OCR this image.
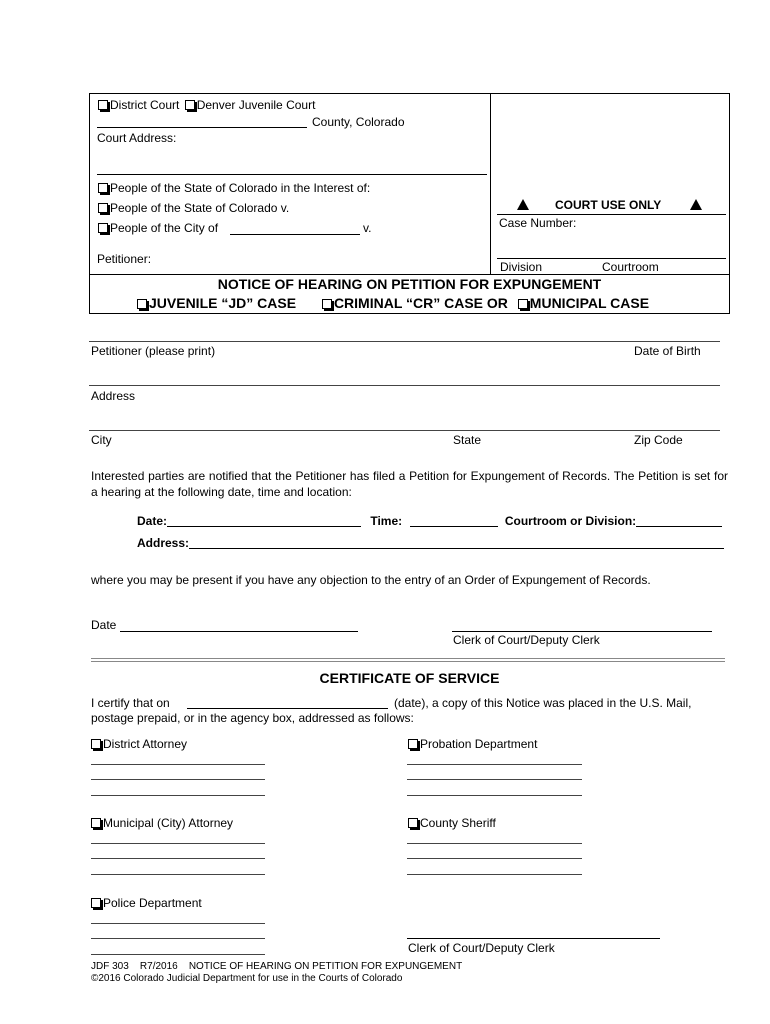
District Court Denver Juvenile Court
County, Colorado
Court Address:
People of the State of Colorado in the Interest of:
People of the State of Colorado v.
People of the City of	v.
Petitioner:
COURT USE ONLY
Case Number:
Division	Courtroom
NOTICE OF HEARING ON PETITION FOR EXPUNGEMENT
JUVENILE “JD” CASE	CRIMINAL “CR” CASE OR MUNICIPAL CASE
Petitioner (please print)	Date of Birth
Address
City	State	Zip Code
Interested parties are notified that the Petitioner has filed a Petition for Expungement of Records. The Petition is set for a hearing at the following date, time and location:
Date:	Time:	Courtroom or Division:
Address:
where you may be present if you have any objection to the entry of an Order of Expungement of Records.
Date
Clerk of Court/Deputy Clerk
CERTIFICATE OF SERVICE
I certify that on	(date), a copy of this Notice was placed in the U.S. Mail,
postage prepaid, or in the agency box, addressed as follows:
District Attorney	Probation Department
Municipal (City) Attorney	County Sheriff
Police Department
Clerk of Court/Deputy Clerk
JDF 303    R7/2016    NOTICE OF HEARING ON PETITION FOR EXPUNGEMENT
©2016 Colorado Judicial Department for use in the Courts of Colorado
